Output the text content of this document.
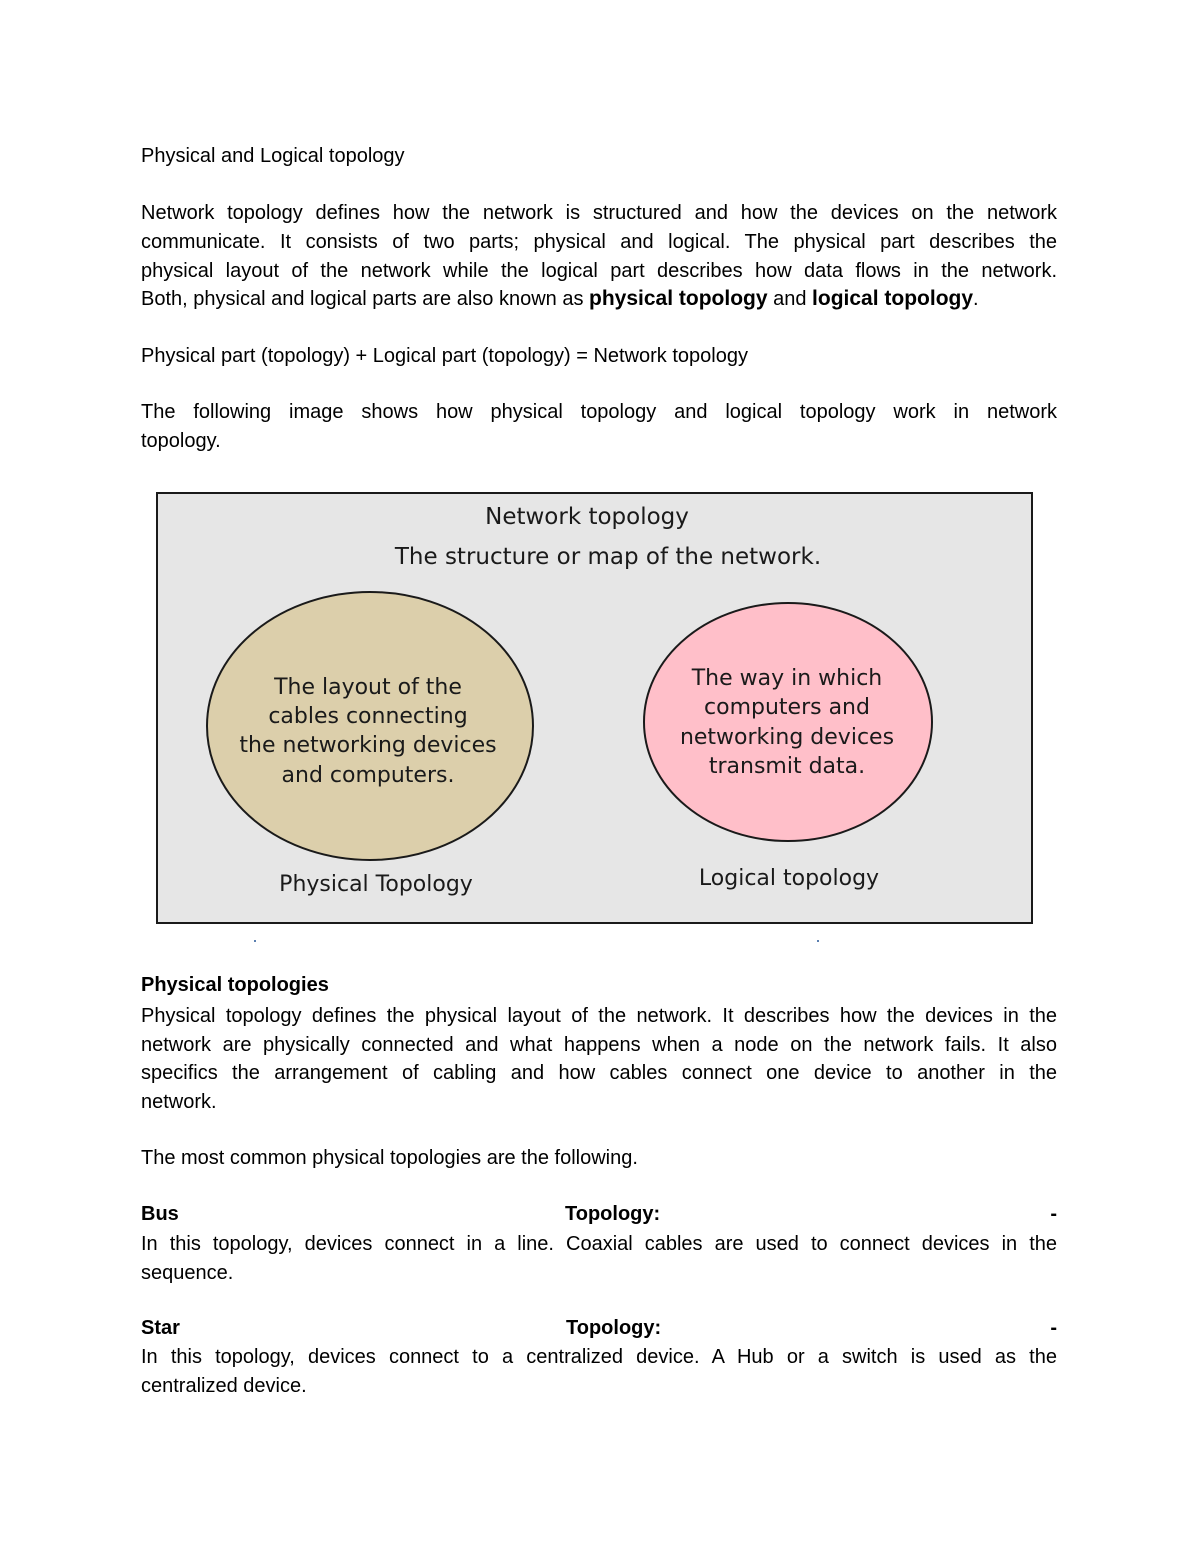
Physical and Logical topology
Network topology defines how the network is structured and how the devices on the network
communicate. It consists of two parts; physical and logical. The physical part describes the
physical layout of the network while the logical part describes how data flows in the network.
Both, physical and logical parts are also known as physical topology and logical topology.
Physical part (topology) + Logical part (topology) = Network topology
The following image shows how physical topology and logical topology work in network
topology.
Network topology
The structure or map of the network.
The layout of the
cables connecting
the networking devices
and computers.
Physical Topology
The way in which
computers and
networking devices
transmit data.
Logical topology
Physical topologies
Physical topology defines the physical layout of the network. It describes how the devices in the
network are physically connected and what happens when a node on the network fails. It also
specifics the arrangement of cabling and how cables connect one device to another in the
network.
The most common physical topologies are the following.
Bus	Topology:	-
In this topology, devices connect in a line. Coaxial cables are used to connect devices in the
sequence.
Star	Topology:	-
In this topology, devices connect to a centralized device. A Hub or a switch is used as the
centralized device.
